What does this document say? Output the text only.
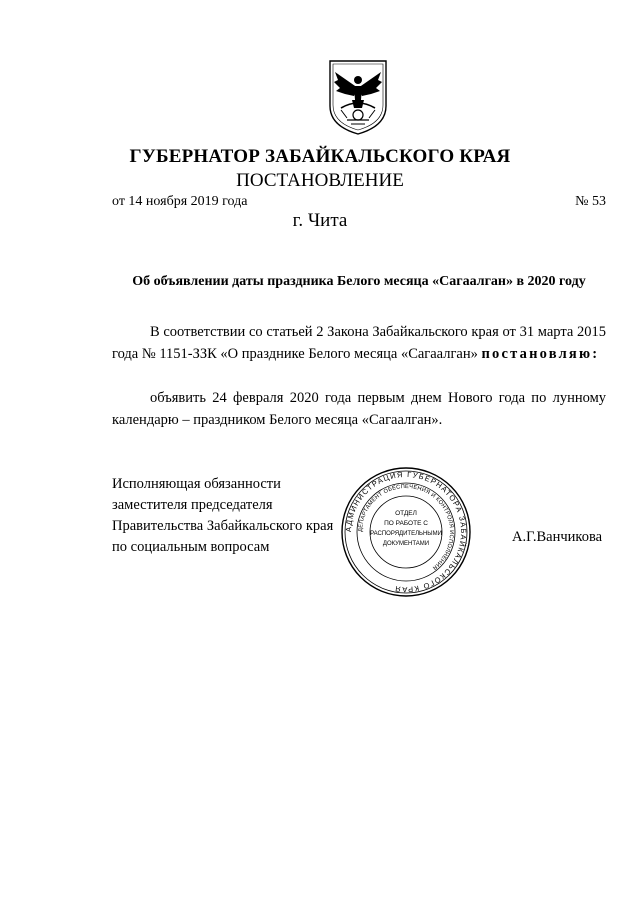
ГУБЕРНАТОР ЗАБАЙКАЛЬСКОГО КРАЯ
ПОСТАНОВЛЕНИЕ
от 14 ноября 2019 года	№ 53
г. Чита
Об объявлении даты праздника Белого месяца «Сагаалган» в 2020 году
В соответствии со статьей 2 Закона Забайкальского края от 31 марта 2015 года № 1151-ЗЗК «О празднике Белого месяца «Сагаалган» постановляю:
объявить 24 февраля 2020 года первым днем Нового года по лунному календарю – праздником Белого месяца «Сагаалган».
Исполняющая обязанности
заместителя председателя
Правительства Забайкальского края
по социальным вопросам
АДМИНИСТРАЦИЯ ГУБЕРНАТОРА ЗАБАЙКАЛЬСКОГО КРАЯ
ДЕПАРТАМЕНТ ОБЕСПЕЧЕНИЯ И КОНТРОЛЯ ИСПОЛНЕНИЯ
ОТДЕЛ
ПО РАБОТЕ С
РАСПОРЯДИТЕЛЬНЫМИ
ДОКУМЕНТАМИ	А.Г.Ванчикова
